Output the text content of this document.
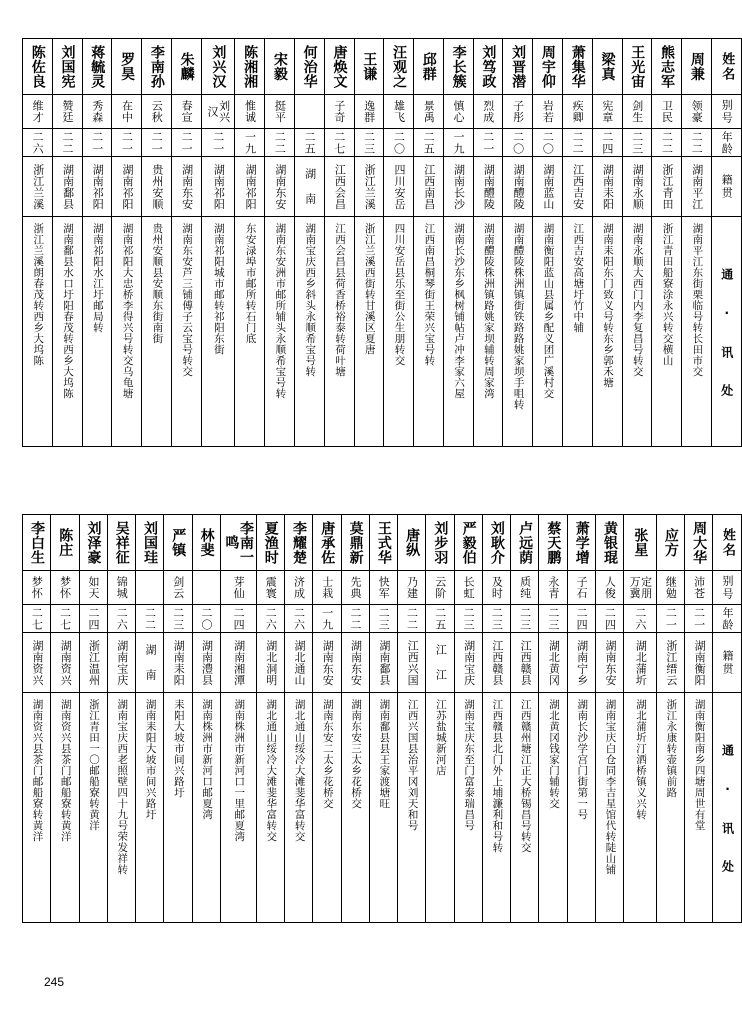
陈佐良	刘国宪	蒋毓灵	罗昊	李南孙	朱麟	刘兴汉	陈湘湘	宋毅	何治华	唐焕文	王谦	汪观之	邱群	李长簇	刘笃政	刘晋潜	周宇仰	萧集华	梁真	王光宙	熊志军	周兼	姓名

维才	赞廷	秀森	在中	云秋	春宣	刘兴汉	惟诚	挺平		子奇	逸群	雄飞	景禹	慎心	烈成	子彤	岩若	疾卿	宪章	剑生	卫民	领豪	别号

二六	二二	二一	二一	二一	二一	二一	一九	二二	二五	二七	二三	二〇	二五	一九	二一	二〇	二〇	二二	二四	二三	二二	二二	年龄

浙江兰溪	湖南鄱县	湖南祁阳	湖南祁阳	贵州安顺	湖南东安	湖南祁阳	湖南祁阳	湖南东安	湖 南	江西会昌	浙江兰溪	四川安岳	江西南昌	湖南长沙	湖南醴陵	湖南醴陵	湖南蓝山	江西吉安	湖南耒阳	湖南永顺	浙江青田	湖南平江	籍贯

浙江兰溪朗春茂转西乡大坞陈	湖南鄱县水口圩阳春茂转西乡大坞陈	湖南祁阳水江圩邮局转	湖南祁阳大忠桥李得兴号转交乌龟塘	贵州安顺县安顺东街南街	湖南东安芦三铺傅子云宝号转交	湖南祁阳城市邮转祁阳东街	东安渌埠市邮所转石门底	湖南东安洲市邮所辅头永顺希宝号转	湖南宝庆西乡斜头永顺希宝号转	江西会昌县荷香桥裕泰转荷叶塘	浙江兰溪西街转甘溪区夏唐	四川安岳县乐至街公生朋转交	江西南昌桐琴街王荣兴宝号转	湖南长沙东乡枫树铺帖卢冲李家六屋	湖南醴陵株洲镇路姚家坝辅转周家湾	湖南醴陵株洲镇街铁路路姚家坝手咀转	湖南衡阳蓝山县属乡配义团广溪村交	江西吉安高塘圩竹中辅	湖南耒阳东门致义号转东乡郭禾塘	湖南永顺大西门内李复昌号转交	浙江青田船寮涂永兴转交横山	湖南平江东街栗临号转长田市交	通 · 讯 处
李白生	陈庄	刘泽豪	吴祥征	刘国珪	严镇	林斐	李南一鸣	夏渔时	李耀楚	唐承佐	莫鼎新	王式华	唐纵	刘步羽	严毅伯	刘耿介	卢远荫	蔡天鹏	萧学增	黄银琨	张星	应方	周大华	姓名

梦怀	梦怀	如天	锦城		剑云		芽仙	震寰	济成	士栽	先典	快军	乃建	云阶	长虹	及时	质纯	永青	子石	人俊	定朋万冀	继勉	沛苍	别号

二七	二七	二四	二六	二二	二三	二〇	二四	二六	二六	一九	二二	二三	二二	二五	二三	二三	二三	二三	二四	二四	二六	二一	二一	年龄

湖南资兴	湖南资兴	浙江温州	湖南宝庆	湖 南	湖南耒阳	湖南澧县	湖南湘潭	湖北洞明	湖北通山	湖南东安	湖南东安	湖南鄱县	江西兴国	江 江	湖南宝庆	江西赣县	江西赣县	湖北黄冈	湖南宁乡	湖南东安	湖北蒲圻	浙江缙云	湖南衡阳	籍贯

湖南资兴县茶门邮船寮转黄洋	湖南资兴县茶门邮船寮转黄洋	浙江青田一〇邮船寮转黄洋	湖南宝庆西老照壁四十九号荣发祥转	湖南耒阳大坡市间兴路圩	耒阳大坡市间兴路圩	湖南株洲市新河口邮夏湾	湖南株洲市新河口一里邮夏湾	湖北通山绥冷大滩斐华富转交	湖北通山绥冷大滩斐华富转交	湖南东安二太乡花桥交	湖南东安三太乡花桥交	湖南鄱县县王家渡塘旺	江西兴国县治平冈刘天和号	江苏盐城新河店	湖南宝庆东至门富泰瑞昌号	江西赣县北门外上埔濂利和号转	江西赣州塘江正大桥锡昌号转交	湖北黄冈钱家门辅转交	湖南长沙学宫门街第一号	湖南宝庆白仓同李吉星馆代转陡山铺	湖北蒲圻汀洒桥镇义兴转	浙江永康转壶镇前路	湖南衡阳南乡四塘周世有堂	通 · 讯 处
245
